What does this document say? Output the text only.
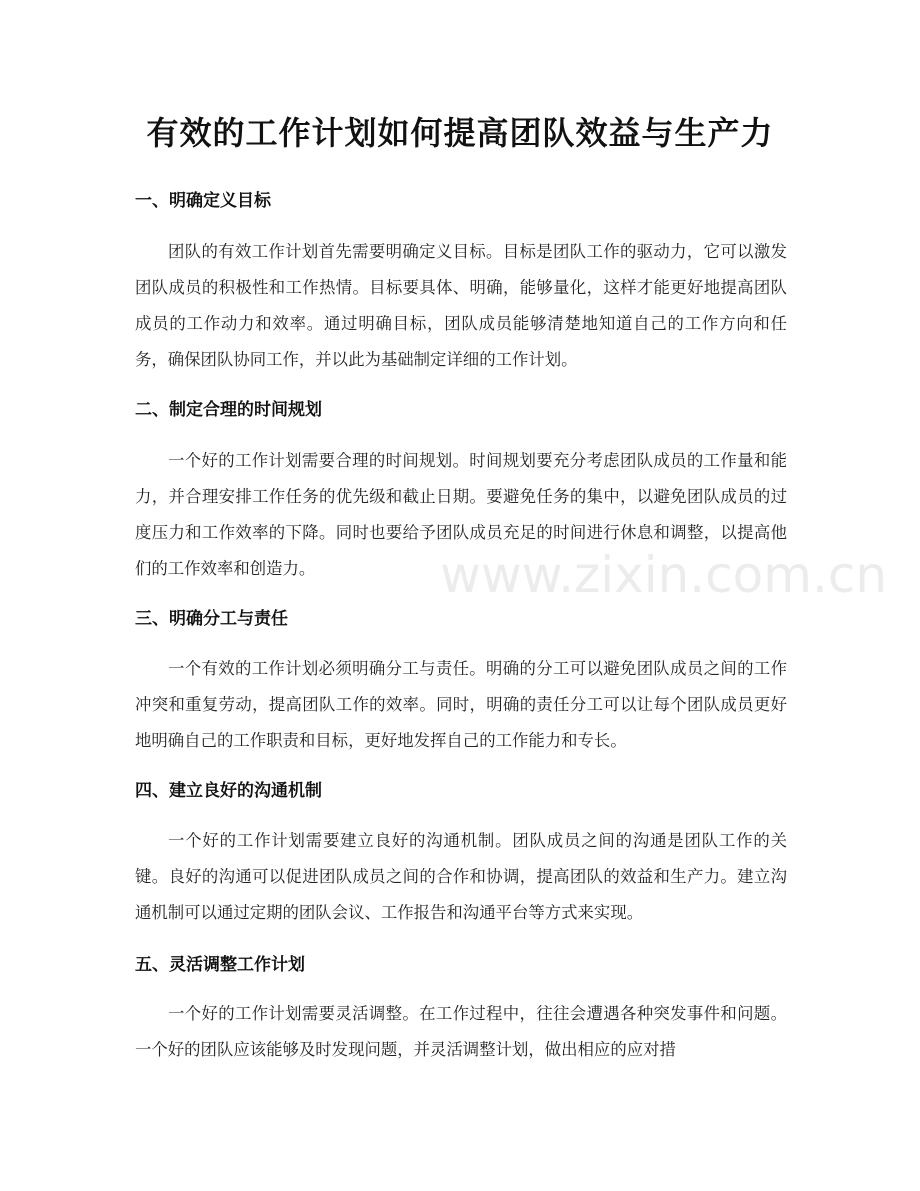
有效的工作计划如何提高团队效益与生产力
一、明确定义目标

团队的有效工作计划首先需要明确定义目标。目标是团队工作的驱动力，它可以激发团队成员的积极性和工作热情。目标要具体、明确，能够量化，这样才能更好地提高团队成员的工作动力和效率。通过明确目标，团队成员能够清楚地知道自己的工作方向和任务，确保团队协同工作，并以此为基础制定详细的工作计划。

二、制定合理的时间规划

一个好的工作计划需要合理的时间规划。时间规划要充分考虑团队成员的工作量和能力，并合理安排工作任务的优先级和截止日期。要避免任务的集中，以避免团队成员的过度压力和工作效率的下降。同时也要给予团队成员充足的时间进行休息和调整，以提高他们的工作效率和创造力。

三、明确分工与责任

一个有效的工作计划必须明确分工与责任。明确的分工可以避免团队成员之间的工作冲突和重复劳动，提高团队工作的效率。同时，明确的责任分工可以让每个团队成员更好地明确自己的工作职责和目标，更好地发挥自己的工作能力和专长。

四、建立良好的沟通机制

一个好的工作计划需要建立良好的沟通机制。团队成员之间的沟通是团队工作的关键。良好的沟通可以促进团队成员之间的合作和协调，提高团队的效益和生产力。建立沟通机制可以通过定期的团队会议、工作报告和沟通平台等方式来实现。

五、灵活调整工作计划

一个好的工作计划需要灵活调整。在工作过程中，往往会遭遇各种突发事件和问题。一个好的团队应该能够及时发现问题，并灵活调整计划，做出相应的应对措

www.zixin.com.cn
